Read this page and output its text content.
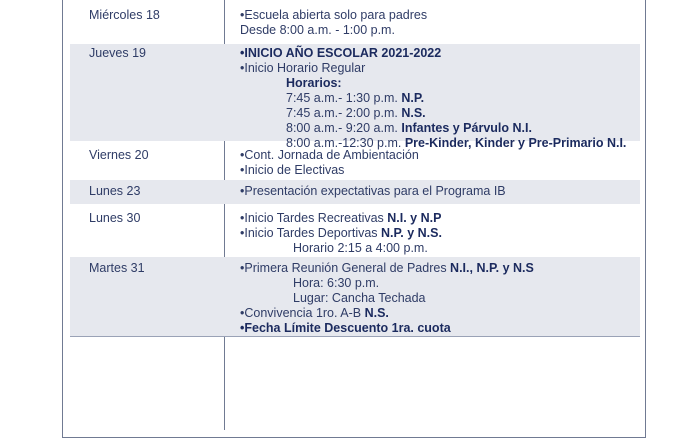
Miércoles 18	•Escuela abierta solo para padres
Desde 8:00 a.m. - 1:00 p.m.
Jueves 19	•INICIO AÑO ESCOLAR 2021-2022
•Inicio Horario Regular
Horarios:
7:45 a.m.- 1:30 p.m. N.P.
7:45 a.m.- 2:00 p.m. N.S.
8:00 a.m.- 9:20 a.m. Infantes y Párvulo N.I.
8:00 a.m.-12:30 p.m. Pre-Kinder, Kinder y Pre-Primario N.I.
Viernes 20	•Cont. Jornada de Ambientación
•Inicio de Electivas
Lunes 23	•Presentación expectativas para el Programa IB
Lunes 30	•Inicio Tardes Recreativas N.I. y N.P
•Inicio Tardes Deportivas N.P. y N.S.
Horario 2:15 a 4:00 p.m.
Martes 31	•Primera Reunión General de Padres N.I., N.P. y N.S
Hora: 6:30 p.m.
Lugar: Cancha Techada
•Convivencia 1ro. A-B N.S.
•Fecha Límite Descuento 1ra. cuota
